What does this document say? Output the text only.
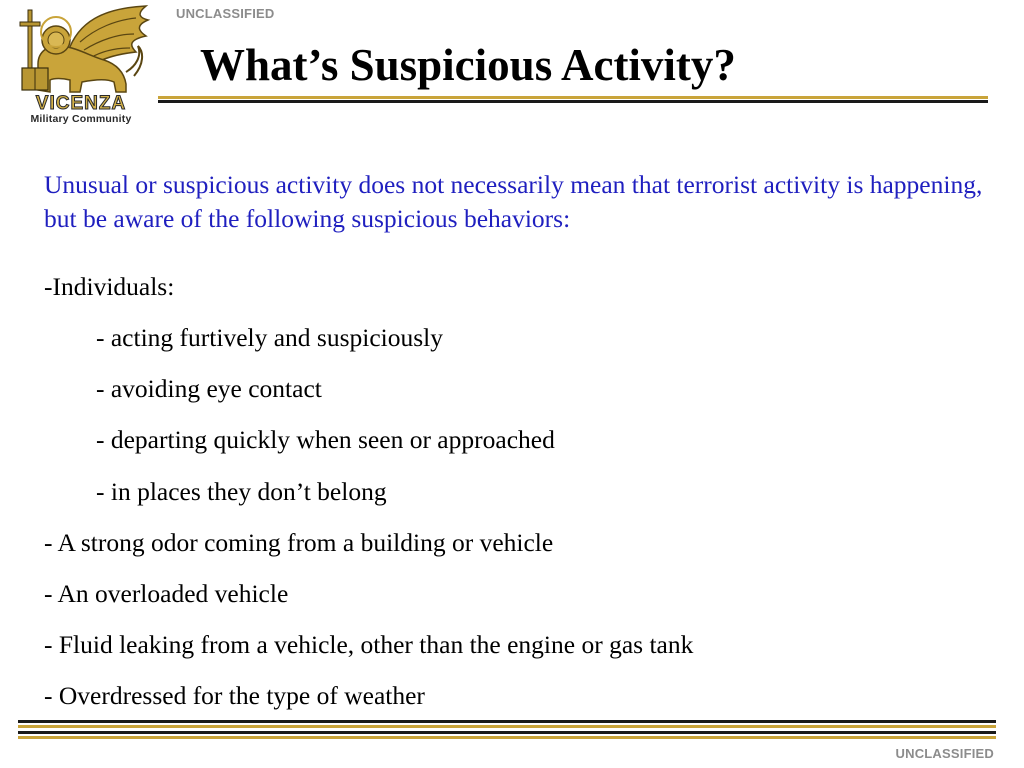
UNCLASSIFIED
VICENZA
Military Community
What’s Suspicious Activity?
Unusual or suspicious activity does not necessarily mean that terrorist activity is happening, but be aware of the following suspicious behaviors:
-Individuals:
- acting furtively and suspiciously
- avoiding eye contact
- departing quickly when seen or approached
- in places they don’t belong
- A strong odor coming from a building or vehicle
- An overloaded vehicle
- Fluid leaking from a vehicle, other than the engine or gas tank
- Overdressed for the type of weather
UNCLASSIFIED
